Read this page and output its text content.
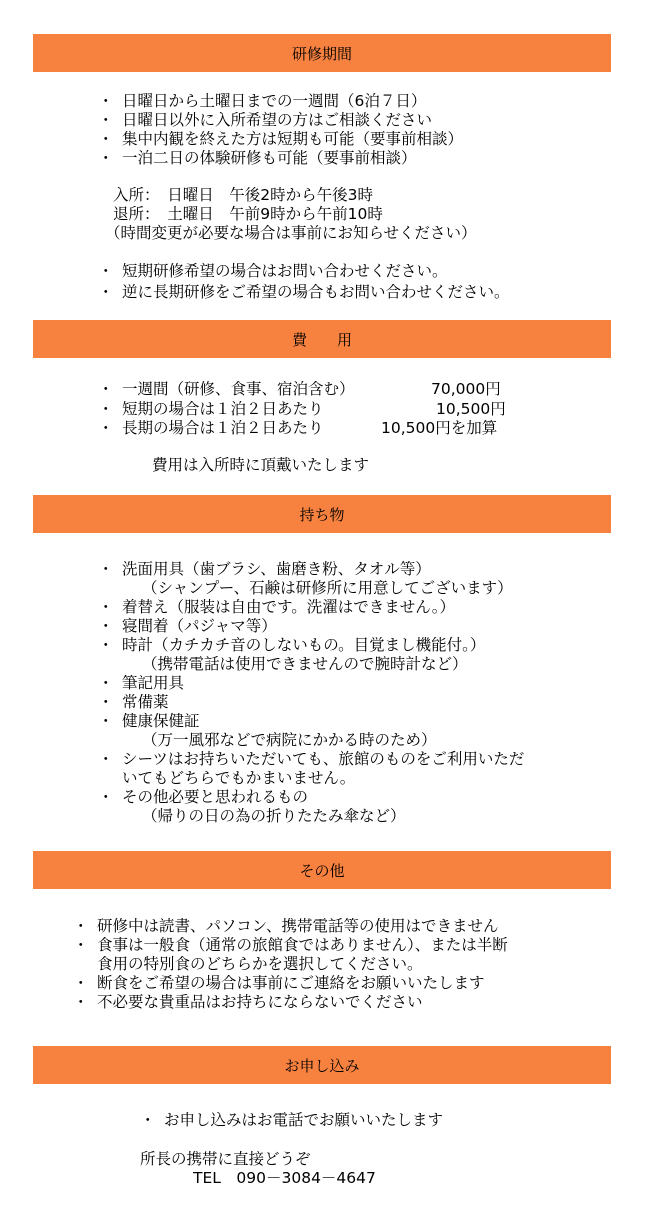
研修期間
・ 日曜日から土曜日までの一週間（6泊７日）
・ 日曜日以外に入所希望の方はご相談ください
・ 集中内観を終えた方は短期も可能（要事前相談）
・ 一泊二日の体験研修も可能（要事前相談）
入所：　日曜日　午後2時から午後3時
退所：　土曜日　午前9時から午前10時
（時間変更が必要な場合は事前にお知らせください）
・ 短期研修希望の場合はお問い合わせください。
・ 逆に長期研修をご希望の場合もお問い合わせください。
費　　用
・ 一週間（研修、食事、宿泊含む）	70,000円
・ 短期の場合は１泊２日あたり	10,500円
・ 長期の場合は１泊２日あたり	10,500円を加算
費用は入所時に頂戴いたします
持ち物
・ 洗面用具（歯ブラシ、歯磨き粉、タオル等）
（シャンプー、石鹸は研修所に用意してございます）
・ 着替え（服装は自由です。洗濯はできません。）
・ 寝間着（パジャマ等）
・ 時計（カチカチ音のしないもの。目覚まし機能付。）
（携帯電話は使用できませんので腕時計など）
・ 筆記用具
・ 常備薬
・ 健康保健証
（万一風邪などで病院にかかる時のため）
・ シーツはお持ちいただいても、旅館のものをご利用いただ
いてもどちらでもかまいません。
・ その他必要と思われるもの
（帰りの日の為の折りたたみ傘など）
その他
・ 研修中は読書、パソコン、携帯電話等の使用はできません
・ 食事は一般食（通常の旅館食ではありません）、または半断
食用の特別食のどちらかを選択してください。
・ 断食をご希望の場合は事前にご連絡をお願いいたします
・ 不必要な貴重品はお持ちにならないでください
お申し込み
・ お申し込みはお電話でお願いいたします
所長の携帯に直接どうぞ
TEL　090－3084－4647
